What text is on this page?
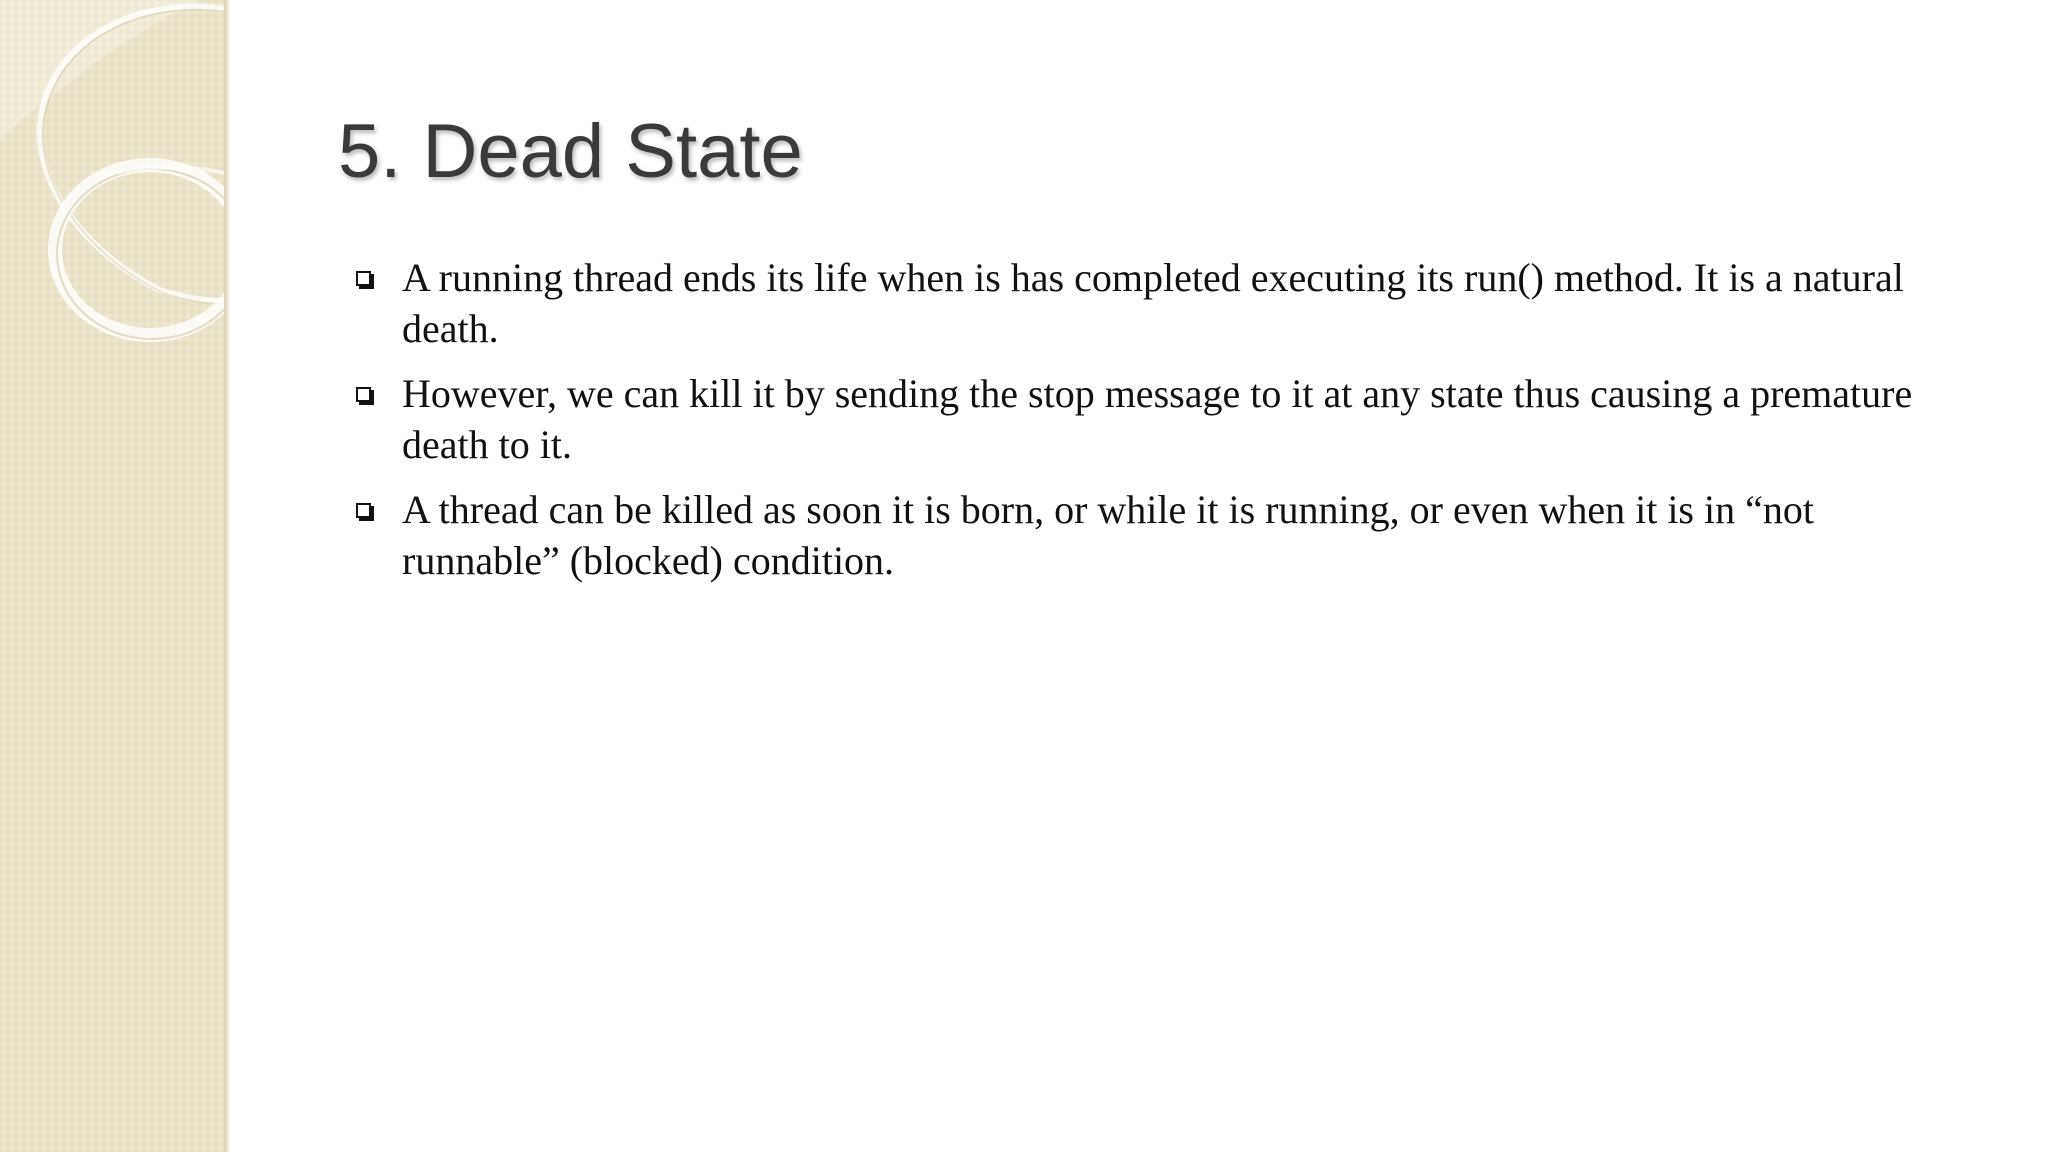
5. Dead State
A running thread ends its life when is has completed executing its run() method. It is a natural death.
However, we can kill it by sending the stop message to it at any state thus causing a premature death to it.
A thread can be killed as soon it is born, or while it is running, or even when it is in “not runnable” (blocked) condition.
